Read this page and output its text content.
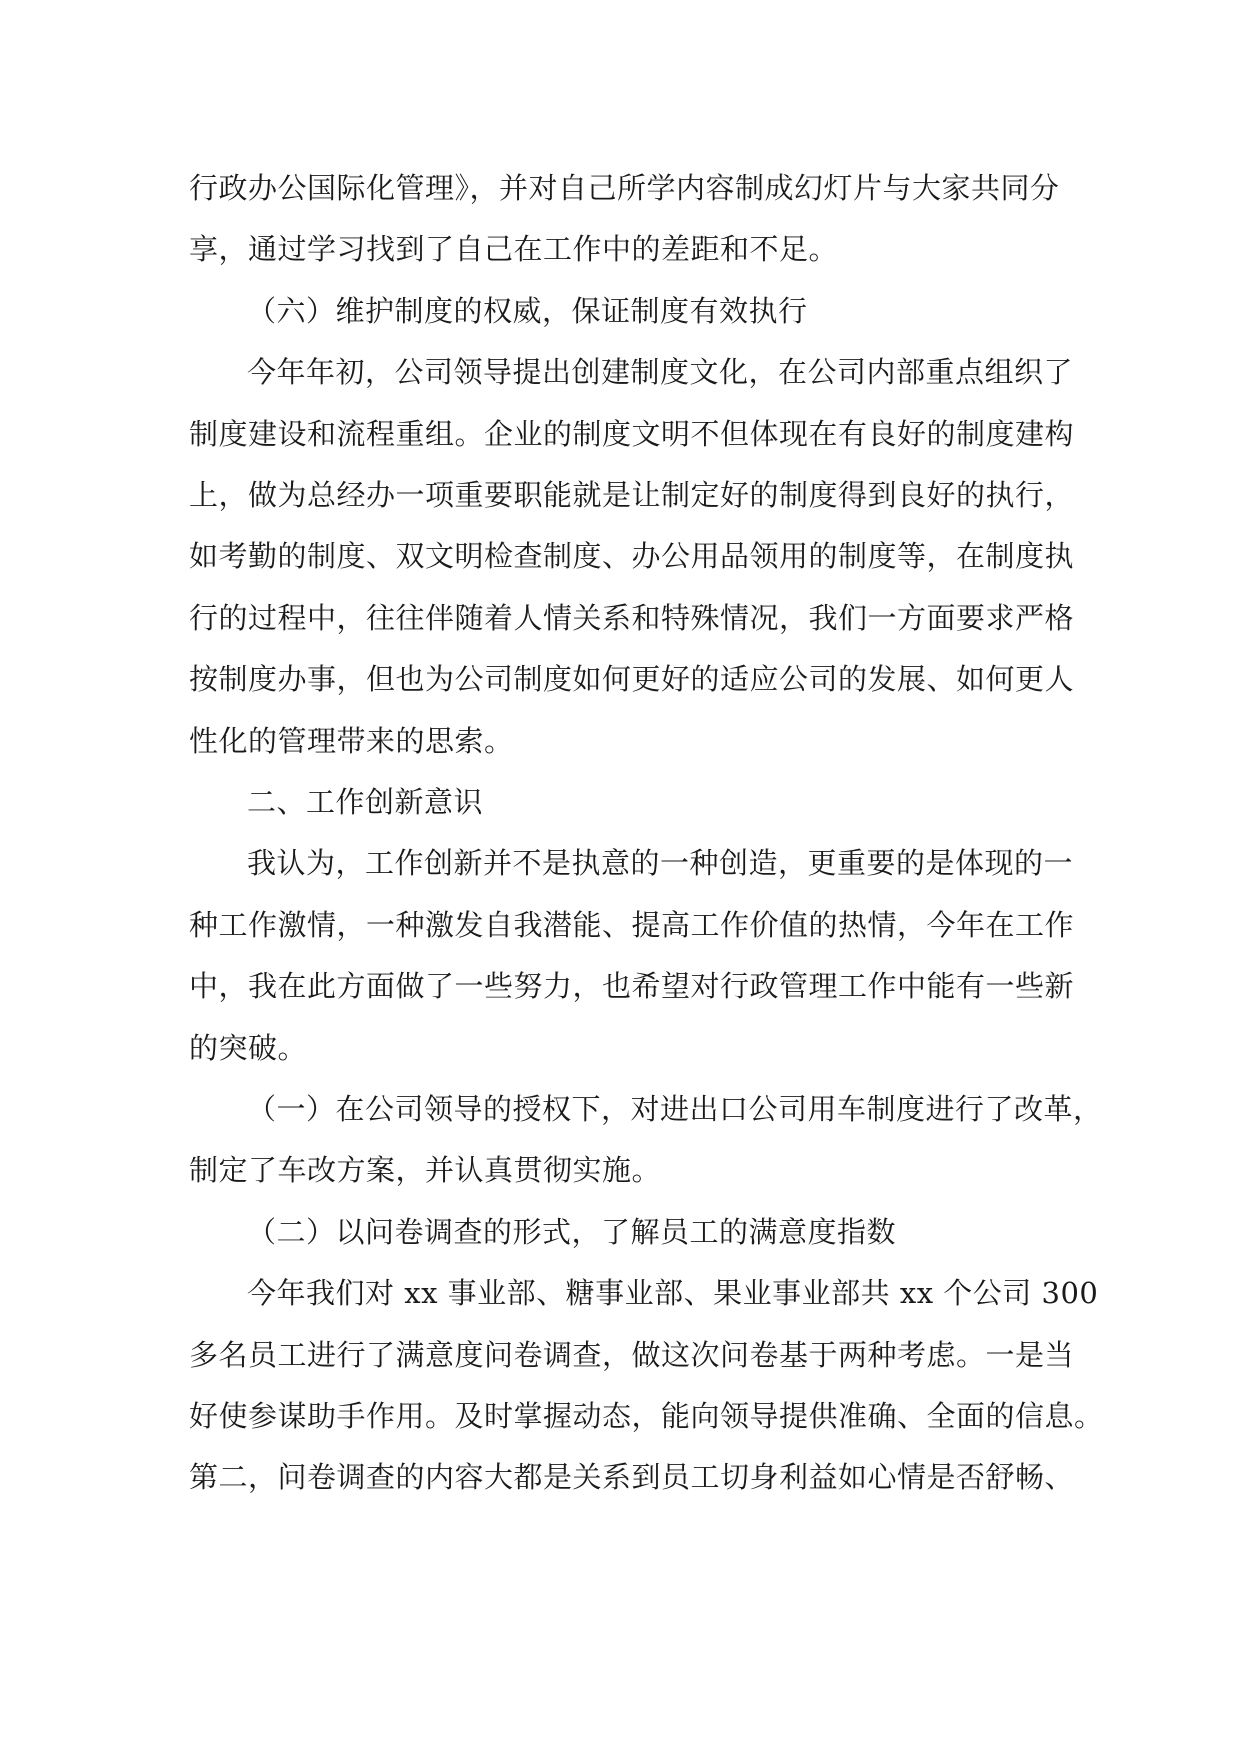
行政办公国际化管理》，并对自己所学内容制成幻灯片与大家共同分
享，通过学习找到了自己在工作中的差距和不足。
（六）维护制度的权威，保证制度有效执行
今年年初，公司领导提出创建制度文化，在公司内部重点组织了
制度建设和流程重组。企业的制度文明不但体现在有良好的制度建构
上，做为总经办一项重要职能就是让制定好的制度得到良好的执行，
如考勤的制度、双文明检查制度、办公用品领用的制度等，在制度执
行的过程中，往往伴随着人情关系和特殊情况，我们一方面要求严格
按制度办事，但也为公司制度如何更好的适应公司的发展、如何更人
性化的管理带来的思索。
二、工作创新意识
我认为，工作创新并不是执意的一种创造，更重要的是体现的一
种工作激情，一种激发自我潜能、提高工作价值的热情，今年在工作
中，我在此方面做了一些努力，也希望对行政管理工作中能有一些新
的突破。
（一）在公司领导的授权下，对进出口公司用车制度进行了改革，
制定了车改方案，并认真贯彻实施。
（二）以问卷调查的形式，了解员工的满意度指数
今年我们对 xx 事业部、糖事业部、果业事业部共 xx 个公司 300
多名员工进行了满意度问卷调查，做这次问卷基于两种考虑。一是当
好使参谋助手作用。及时掌握动态，能向领导提供准确、全面的信息。
第二，问卷调查的内容大都是关系到员工切身利益如心情是否舒畅、
